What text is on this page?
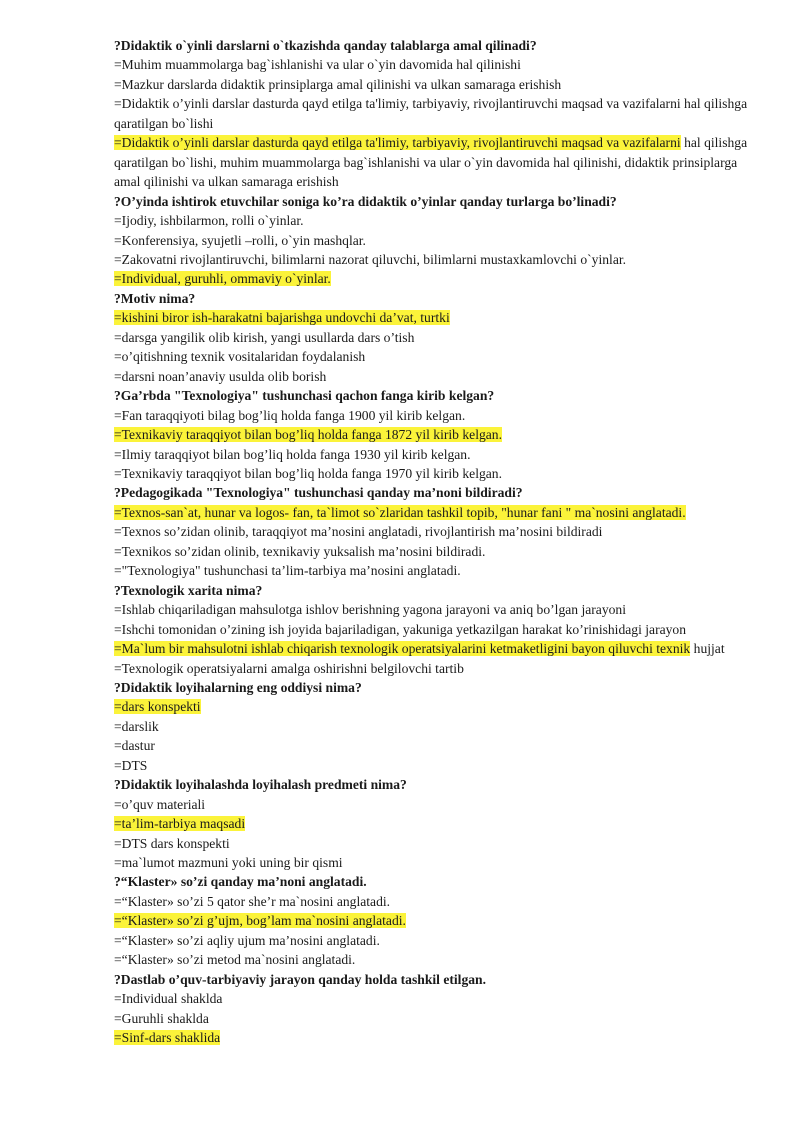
?Didaktik o`yinli darslarni o`tkazishda qanday talablarga amal qilinadi?
=Muhim muammolarga bag`ishlanishi va ular o`yin davomida hal qilinishi
=Mazkur darslarda didaktik prinsiplarga amal qilinishi va ulkan samaraga erishish
=Didaktik o’yinli darslar dasturda qayd etilga ta'limiy, tarbiyaviy, rivojlantiruvchi maqsad va vazifalarni hal qilishga qaratilgan bo`lishi
=Didaktik o’yinli darslar dasturda qayd etilga ta'limiy, tarbiyaviy, rivojlantiruvchi maqsad va vazifalarni hal qilishga qaratilgan bo`lishi, muhim muammolarga bag`ishlanishi va ular o`yin davomida hal qilinishi, didaktik prinsiplarga amal qilinishi va ulkan samaraga erishish
?O’yinda ishtirok etuvchilar soniga ko’ra didaktik o’yinlar qanday turlarga bo’linadi?
=Ijodiy, ishbilarmon, rolli o`yinlar.
=Konferensiya, syujetli –rolli, o`yin mashqlar.
=Zakovatni rivojlantiruvchi, bilimlarni nazorat qiluvchi, bilimlarni mustaxkamlovchi o`yinlar.
=Individual, guruhli, ommaviy o`yinlar.
?Motiv nima?
=kishini biror ish-harakatni bajarishga undovchi da’vat, turtki
=darsga yangilik olib kirish, yangi usullarda dars o’tish
=o’qitishning texnik vositalaridan foydalanish
=darsni noan’anaviy usulda olib borish
?Ga’rbda "Texnologiya" tushunchasi qachon fanga kirib kelgan?
=Fan taraqqiyoti bilag bog’liq holda fanga 1900 yil kirib kelgan.
=Texnikaviy taraqqiyot bilan bog’liq holda fanga 1872 yil kirib kelgan.
=Ilmiy taraqqiyot bilan bog’liq holda fanga 1930 yil kirib kelgan.
=Texnikaviy taraqqiyot bilan bog’liq holda fanga 1970 yil kirib kelgan.
?Pedagogikada "Texnologiya" tushunchasi qanday ma’noni bildiradi?
=Texnos-san`at, hunar va logos- fan, ta`limot so`zlaridan tashkil topib, "hunar fani " ma`nosini anglatadi.
=Texnos so’zidan olinib, taraqqiyot ma’nosini anglatadi, rivojlantirish ma’nosini bildiradi
=Texnikos so’zidan olinib, texnikaviy yuksalish ma’nosini bildiradi.
="Texnologiya" tushunchasi ta’lim-tarbiya ma’nosini anglatadi.
?Texnologik xarita nima?
=Ishlab chiqariladigan mahsulotga ishlov berishning yagona jarayoni va aniq bo’lgan jarayoni
=Ishchi tomonidan o’zining ish joyida bajariladigan, yakuniga yetkazilgan harakat ko’rinishidagi jarayon
=Ma`lum bir mahsulotni ishlab chiqarish texnologik operatsiyalarini ketmaketligini bayon qiluvchi texnik hujjat
=Texnologik operatsiyalarni amalga oshirishni belgilovchi tartib
?Didaktik loyihalarning eng oddiysi nima?
=dars konspekti
=darslik
=dastur
=DTS
?Didaktik loyihalashda loyihalash predmeti nima?
=o’quv materiali
=ta’lim-tarbiya maqsadi
=DTS dars konspekti
=ma`lumot mazmuni yoki uning bir qismi
?“Klaster» so’zi qanday ma’noni anglatadi.
=“Klaster» so’zi 5 qator she’r ma`nosini anglatadi.
=“Klaster» so’zi g’ujm, bog’lam ma`nosini anglatadi.
=“Klaster» so’zi aqliy ujum ma’nosini anglatadi.
=“Klaster» so’zi metod ma`nosini anglatadi.
?Dastlab o’quv-tarbiyaviy jarayon qanday holda tashkil etilgan.
=Individual shaklda
=Guruhli shaklda
=Sinf-dars shaklida
